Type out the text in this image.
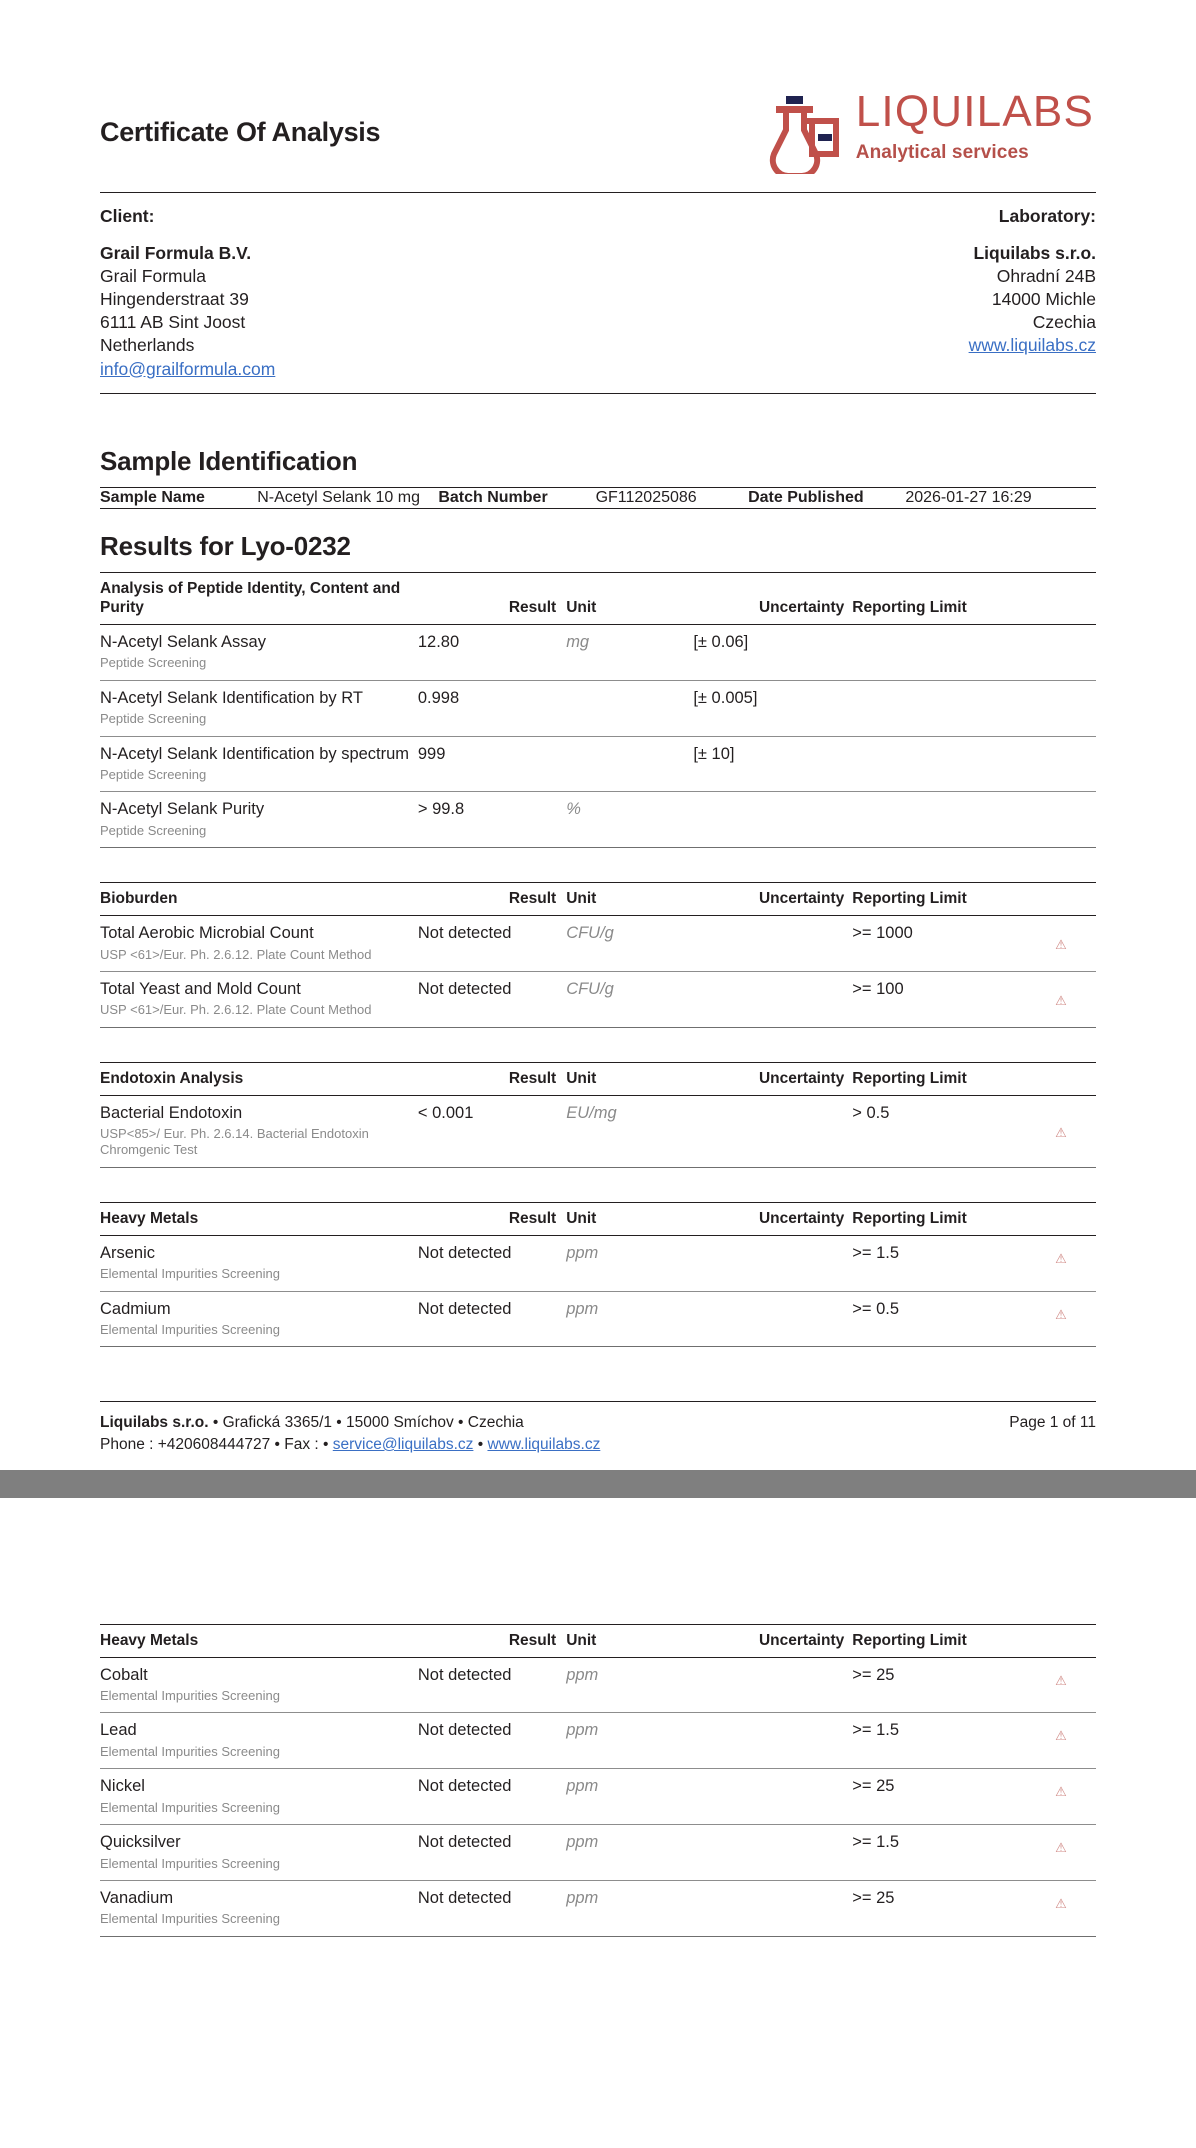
Certificate Of Analysis	LIQUILABS
Analytical services
Client:
Grail Formula B.V.
Grail Formula
Hingenderstraat 39
6111 AB Sint Joost
Netherlands
info@grailformula.com
Laboratory:
Liquilabs s.r.o.
Ohradní 24B
14000 Michle
Czechia
www.liquilabs.cz
Sample Identification
Sample Name	N-Acetyl Selank 10 mg	Batch Number	GF112025086	Date Published	2026-01-27 16:29
Results for Lyo-0232
Analysis of Peptide Identity, Content and Purity	Result	Unit	Uncertainty	Reporting Limit	
N-Acetyl Selank Assay
Peptide Screening	12.80	mg	[± 0.06]		
N-Acetyl Selank Identification by RT
Peptide Screening	0.998		[± 0.005]		
N-Acetyl Selank Identification by spectrum
Peptide Screening	999		[± 10]		
N-Acetyl Selank Purity
Peptide Screening	> 99.8	%			
Bioburden	Result	Unit	Uncertainty	Reporting Limit	
Total Aerobic Microbial Count
USP <61>/Eur. Ph. 2.6.12. Plate Count Method	Not detected	CFU/g		>= 1000	⚠
Total Yeast and Mold Count
USP <61>/Eur. Ph. 2.6.12. Plate Count Method	Not detected	CFU/g		>= 100	⚠
Endotoxin Analysis	Result	Unit	Uncertainty	Reporting Limit	
Bacterial Endotoxin
USP<85>/ Eur. Ph. 2.6.14. Bacterial Endotoxin Chromgenic Test	< 0.001	EU/mg		> 0.5	⚠
Heavy Metals	Result	Unit	Uncertainty	Reporting Limit	
Arsenic
Elemental Impurities Screening	Not detected	ppm		>= 1.5	⚠
Cadmium
Elemental Impurities Screening	Not detected	ppm		>= 0.5	⚠
Liquilabs s.r.o. • Grafická 3365/1 • 15000 Smíchov • Czechia
Phone : +420608444727 • Fax : • service@liquilabs.cz • www.liquilabs.cz
Page 1 of 11
Heavy Metals	Result	Unit	Uncertainty	Reporting Limit	
Cobalt
Elemental Impurities Screening	Not detected	ppm		>= 25	⚠
Lead
Elemental Impurities Screening	Not detected	ppm		>= 1.5	⚠
Nickel
Elemental Impurities Screening	Not detected	ppm		>= 25	⚠
Quicksilver
Elemental Impurities Screening	Not detected	ppm		>= 1.5	⚠
Vanadium
Elemental Impurities Screening	Not detected	ppm		>= 25	⚠
